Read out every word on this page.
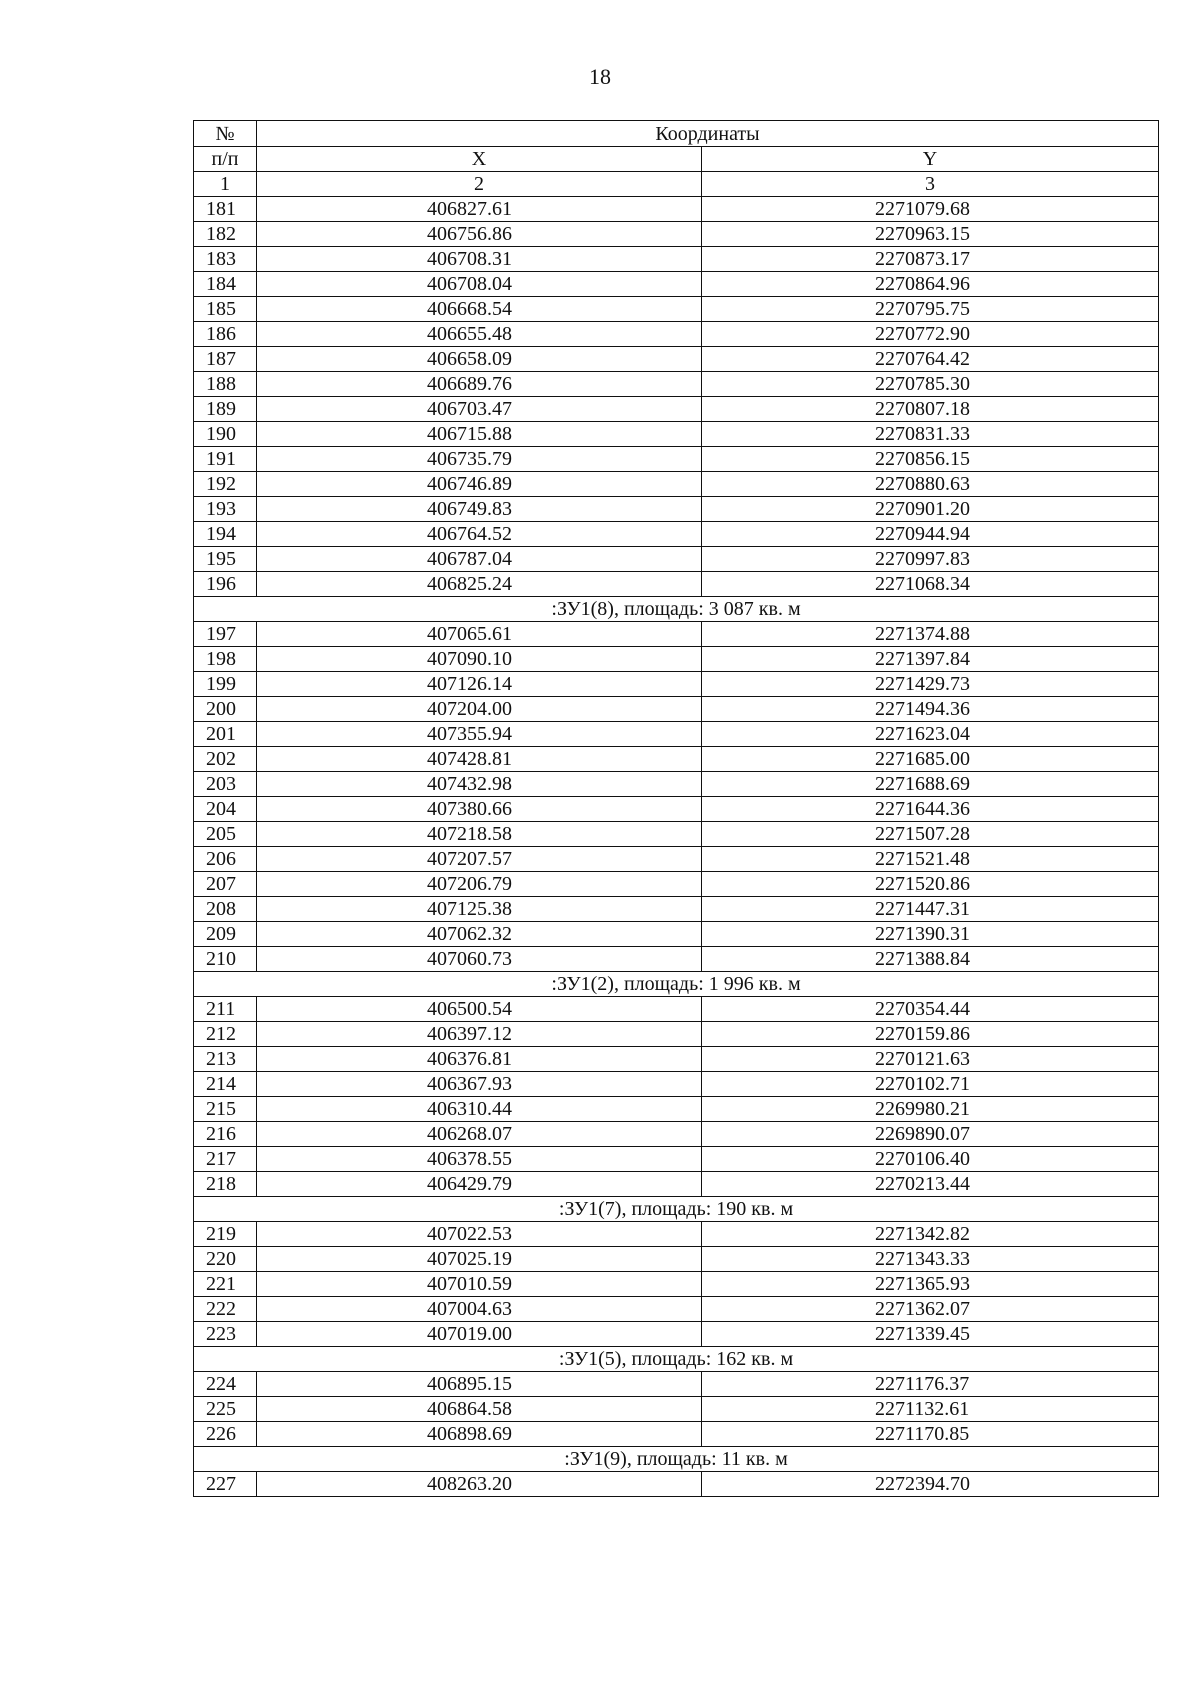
18
№	Координаты	
п/п	X	Y
1	2	3
181	406827.61	2271079.68
182	406756.86	2270963.15
183	406708.31	2270873.17
184	406708.04	2270864.96
185	406668.54	2270795.75
186	406655.48	2270772.90
187	406658.09	2270764.42
188	406689.76	2270785.30
189	406703.47	2270807.18
190	406715.88	2270831.33
191	406735.79	2270856.15
192	406746.89	2270880.63
193	406749.83	2270901.20
194	406764.52	2270944.94
195	406787.04	2270997.83
196	406825.24	2271068.34
:ЗУ1(8), площадь: 3 087 кв. м		
197	407065.61	2271374.88
198	407090.10	2271397.84
199	407126.14	2271429.73
200	407204.00	2271494.36
201	407355.94	2271623.04
202	407428.81	2271685.00
203	407432.98	2271688.69
204	407380.66	2271644.36
205	407218.58	2271507.28
206	407207.57	2271521.48
207	407206.79	2271520.86
208	407125.38	2271447.31
209	407062.32	2271390.31
210	407060.73	2271388.84
:ЗУ1(2), площадь: 1 996 кв. м		
211	406500.54	2270354.44
212	406397.12	2270159.86
213	406376.81	2270121.63
214	406367.93	2270102.71
215	406310.44	2269980.21
216	406268.07	2269890.07
217	406378.55	2270106.40
218	406429.79	2270213.44
:ЗУ1(7), площадь: 190 кв. м		
219	407022.53	2271342.82
220	407025.19	2271343.33
221	407010.59	2271365.93
222	407004.63	2271362.07
223	407019.00	2271339.45
:ЗУ1(5), площадь: 162 кв. м		
224	406895.15	2271176.37
225	406864.58	2271132.61
226	406898.69	2271170.85
:ЗУ1(9), площадь: 11 кв. м		
227	408263.20	2272394.70
